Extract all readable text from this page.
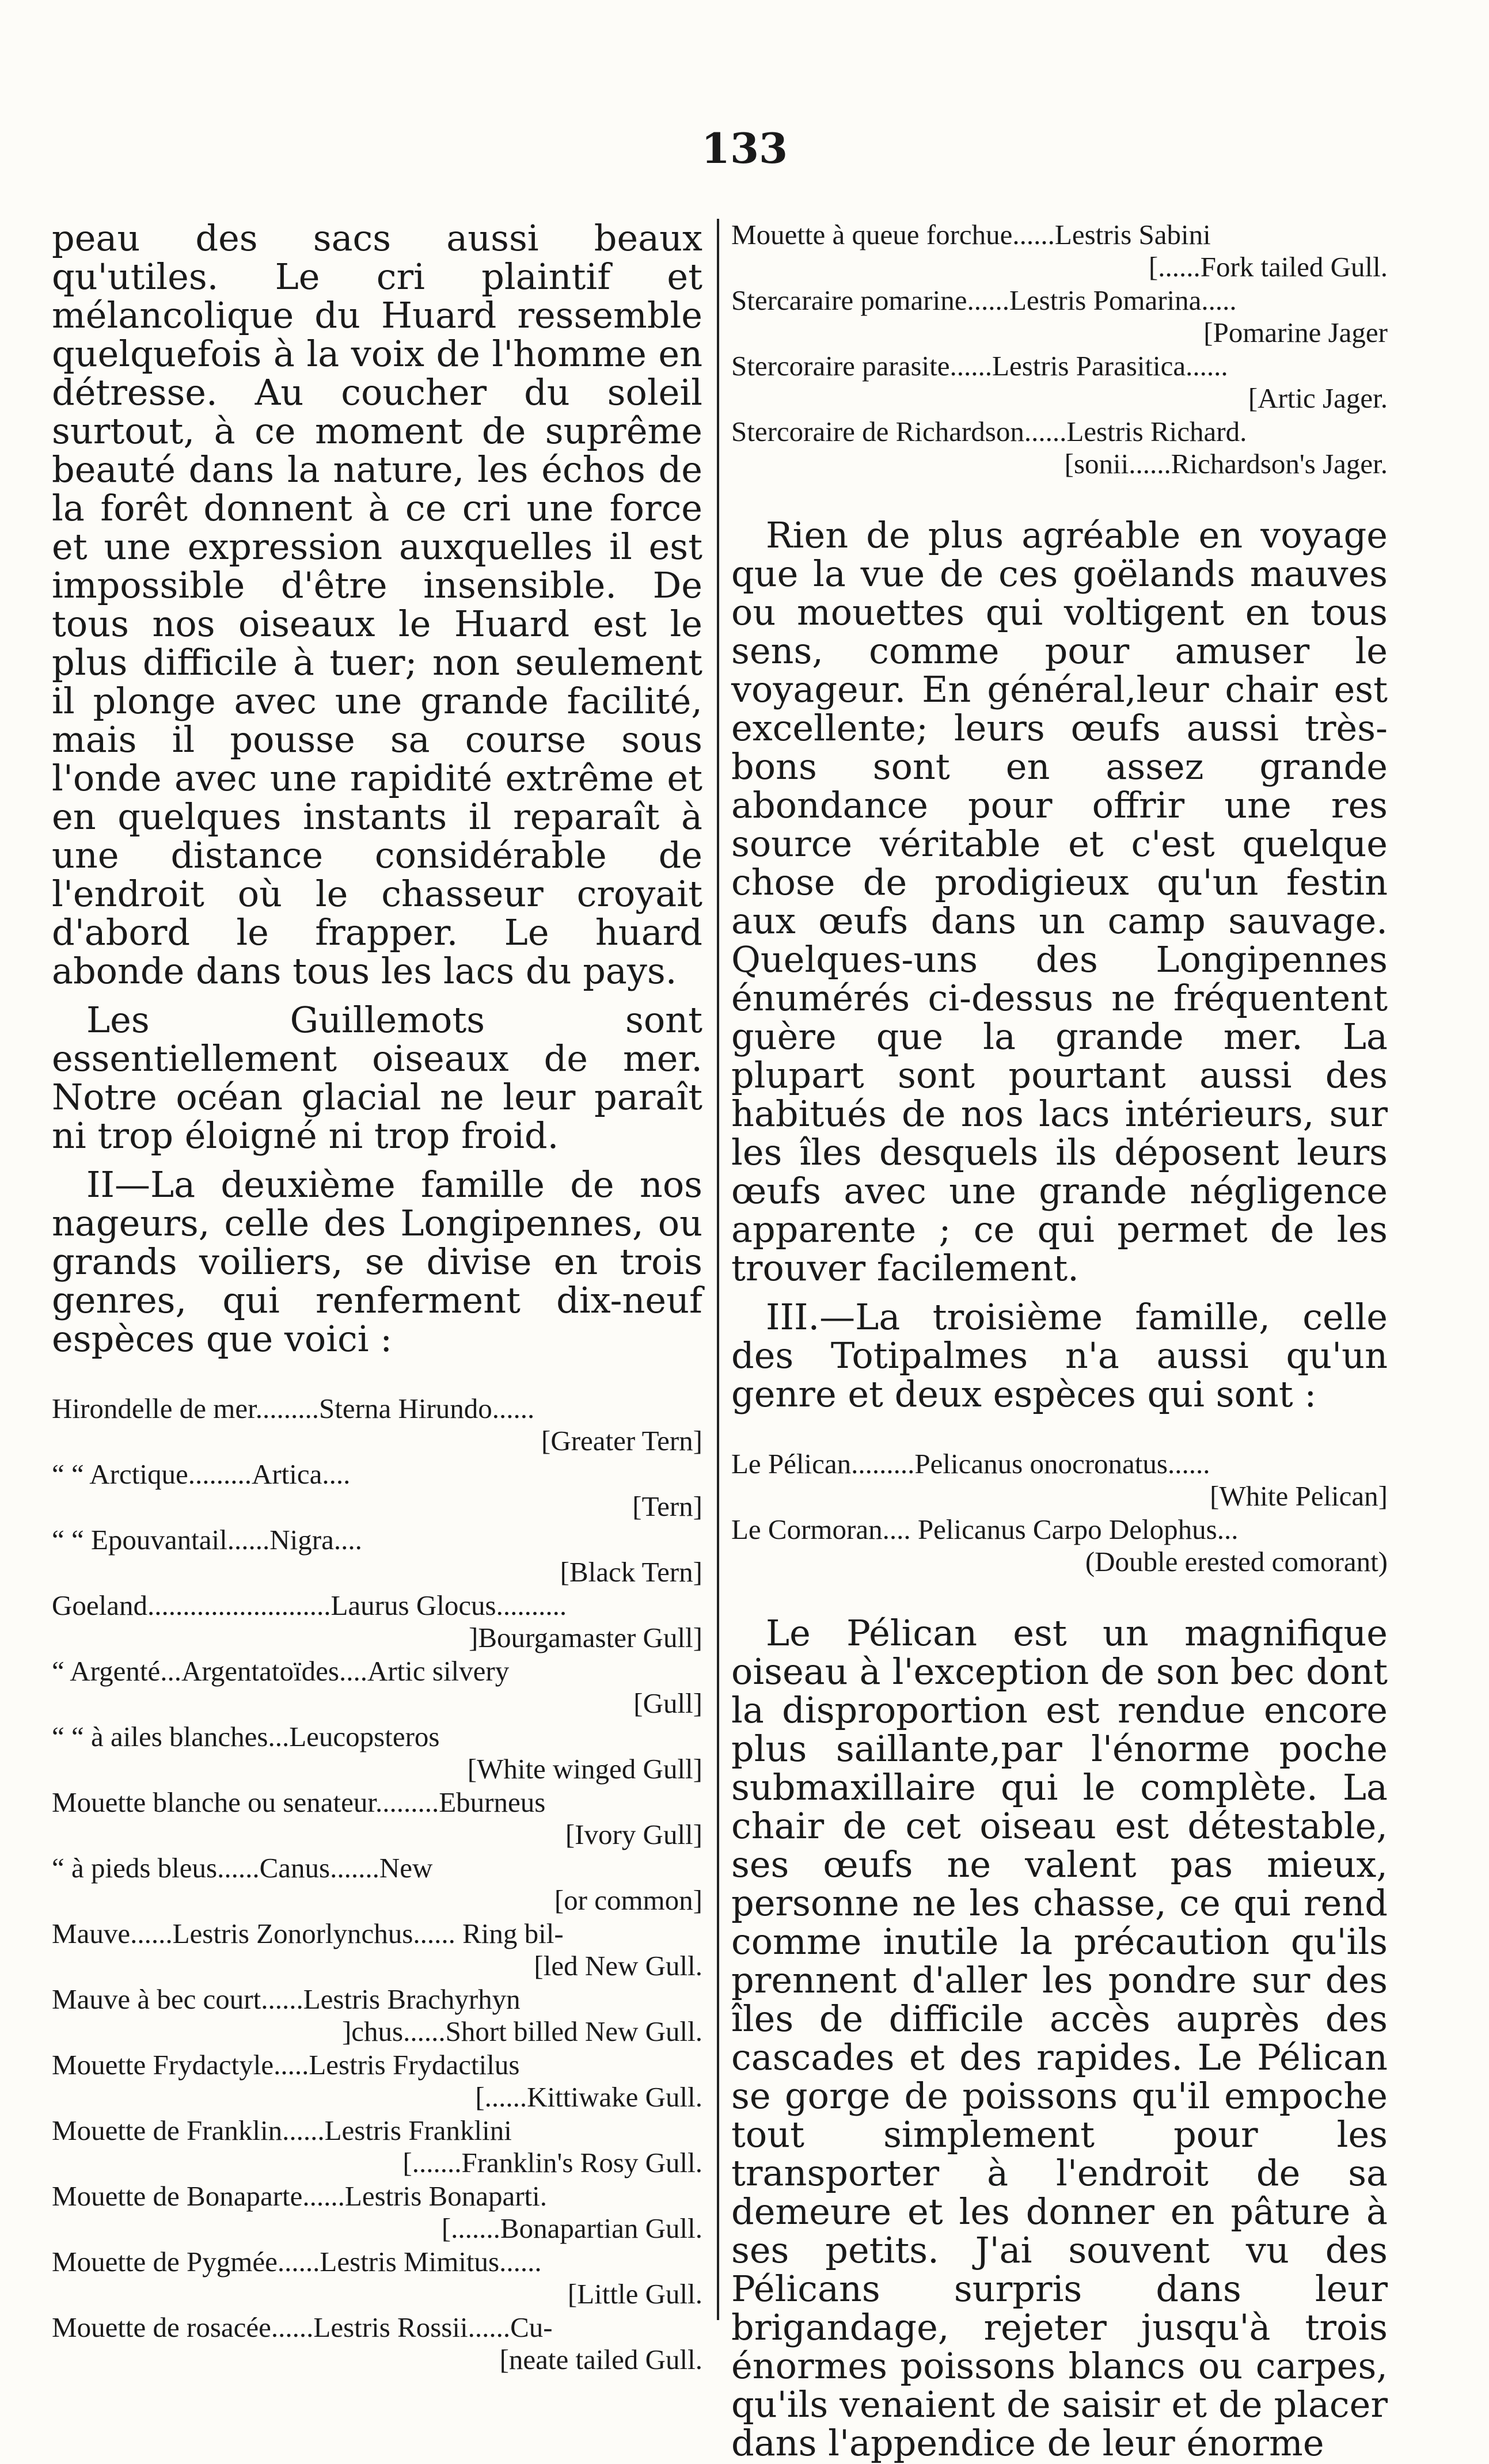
133

peau des sacs aussi beaux qu'utiles. Le cri plaintif et mélancolique du Huard ressemble quelquefois à la voix de l'homme en détresse. Au coucher du soleil surtout, à ce moment de suprême beauté dans la nature, les échos de la forêt donnent à ce cri une force et une expression auxquelles il est impossible d'être insensible. De tous nos oiseaux le Huard est le plus difficile à tuer; non seulement il plonge avec une grande facilité, mais il pousse sa course sous l'onde avec une rapidité extrême et en quelques instants il reparaît à une distance considérable de l'endroit où le chasseur croyait d'abord le frapper. Le huard abonde dans tous les lacs du pays.

Les Guillemots sont essentiellement oiseaux de mer. Notre océan glacial ne leur paraît ni trop éloigné ni trop froid.

II—La deuxième famille de nos nageurs, celle des Longipennes, ou grands voiliers, se divise en trois genres, qui renferment dix-neuf espèces que voici :

Hirondelle de mer.........Sterna Hirundo......
[Greater Tern]
“ “ Arctique.........Artica....
[Tern]
“ “ Epouvantail......Nigra....
[Black Tern]
Goeland..........................Laurus Glocus..........
]Bourgamaster Gull]
“ Argenté...Argentatoïdes....Artic silvery
[Gull]
“ “ à ailes blanches...Leucopsteros
[White winged Gull]
Mouette blanche ou senateur.........Eburneus
[Ivory Gull]
“ à pieds bleus......Canus.......New
[or common]
Mauve......Lestris Zonorlynchus...... Ring bil-
[led New Gull.
Mauve à bec court......Lestris Brachyrhyn
]chus......Short billed New Gull.
Mouette Frydactyle.....Lestris Frydactilus
[......Kittiwake Gull.
Mouette de Franklin......Lestris Franklini
[.......Franklin's Rosy Gull.
Mouette de Bonaparte......Lestris Bonaparti.
[.......Bonapartian Gull.
Mouette de Pygmée......Lestris Mimitus......
[Little Gull.
Mouette de rosacée......Lestris Rossii......Cu-
[neate tailed Gull.
Mouette à queue forchue......Lestris Sabini
[......Fork tailed Gull.
Stercaraire pomarine......Lestris Pomarina.....
[Pomarine Jager
Stercoraire parasite......Lestris Parasitica......
[Artic Jager.
Stercoraire de Richardson......Lestris Richard.
[sonii......Richardson's Jager.

Rien de plus agréable en voyage que la vue de ces goëlands mauves ou mouettes qui voltigent en tous sens, comme pour amuser le voyageur. En général,leur chair est excellente; leurs œufs aussi très-bons sont en assez grande abondance pour offrir une res source véritable et c'est quelque chose de prodigieux qu'un festin aux œufs dans un camp sauvage. Quelques-uns des Longipennes énumérés ci-dessus ne fréquentent guère que la grande mer. La plupart sont pourtant aussi des habitués de nos lacs intérieurs, sur les îles desquels ils déposent leurs œufs avec une grande négligence apparente ; ce qui permet de les trouver facilement.

III.—La troisième famille, celle des Totipalmes n'a aussi qu'un genre et deux espèces qui sont :

Le Pélican.........Pelicanus onocronatus......
[White Pelican]
Le Cormoran.... Pelicanus Carpo Delophus...
(Double erested comorant)

Le Pélican est un magnifique oiseau à l'exception de son bec dont la disproportion est rendue encore plus saillante,par l'énorme poche submaxillaire qui le complète. La chair de cet oiseau est détestable, ses œufs ne valent pas mieux, personne ne les chasse, ce qui rend comme inutile la précaution qu'ils prennent d'aller les pondre sur des îles de difficile accès auprès des cascades et des rapides. Le Pélican se gorge de poissons qu'il empoche tout simplement pour les transporter à l'endroit de sa demeure et les donner en pâture à ses petits. J'ai souvent vu des Pélicans surpris dans leur brigandage, rejeter jusqu'à trois énormes poissons blancs ou carpes, qu'ils venaient de saisir et de placer dans l'appendice de leur énorme
